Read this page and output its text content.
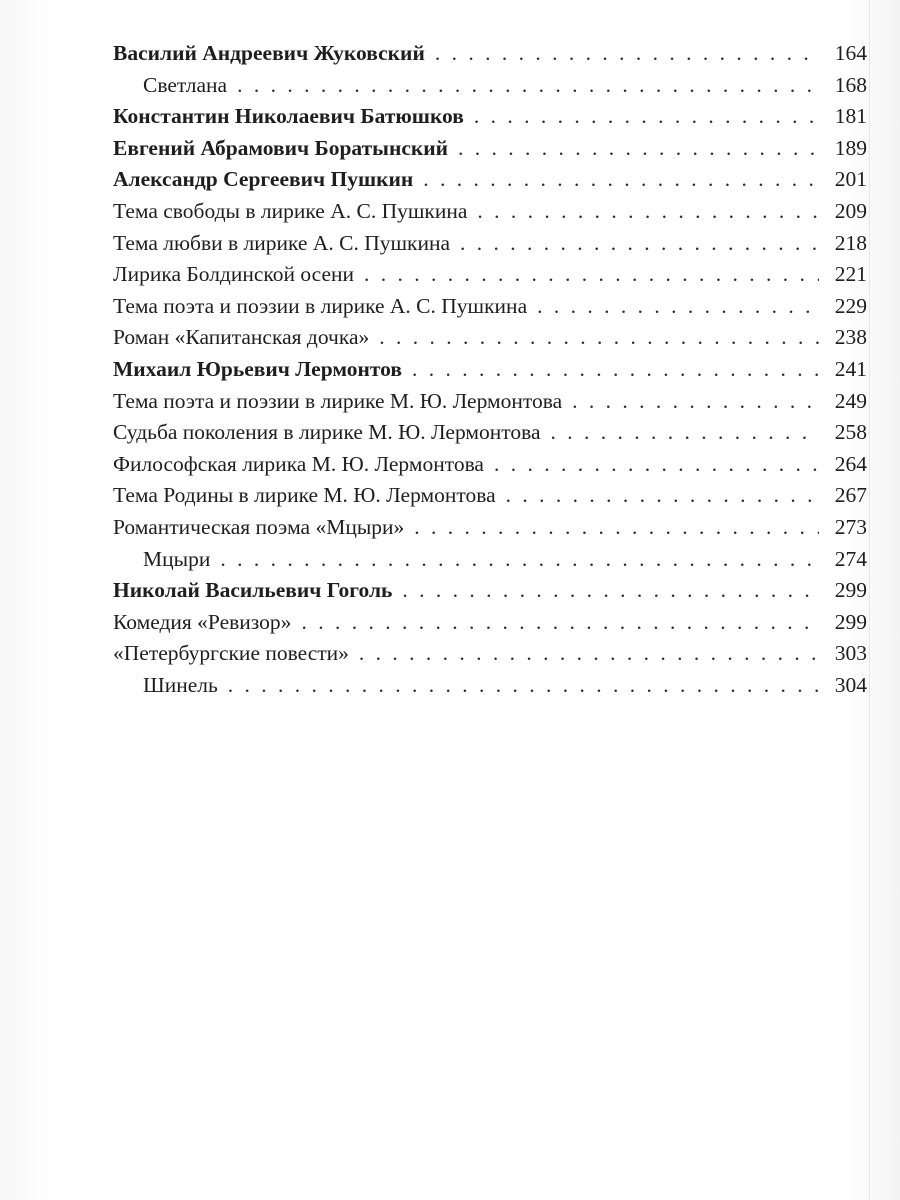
Василий Андреевич Жуковский . . .	164
Светлана . . .	168
Константин Николаевич Батюшков . . .	181
Евгений Абрамович Боратынский . . .	189
Александр Сергеевич Пушкин . . .	201
Тема свободы в лирике А. С. Пушкина . . .	209
Тема любви в лирике А. С. Пушкина . . .	218
Лирика Болдинской осени . . .	221
Тема поэта и поэзии в лирике А. С. Пушкина . . .	229
Роман «Капитанская дочка» . . .	238
Михаил Юрьевич Лермонтов . . .	241
Тема поэта и поэзии в лирике М. Ю. Лермонтова . . .	249
Судьба поколения в лирике М. Ю. Лермонтова . . .	258
Философская лирика М. Ю. Лермонтова . . .	264
Тема Родины в лирике М. Ю. Лермонтова . . .	267
Романтическая поэма «Мцыри» . . .	273
Мцыри . . .	274
Николай Васильевич Гоголь . . .	299
Комедия «Ревизор» . . .	299
«Петербургские повести» . . .	303
Шинель . . .	304
